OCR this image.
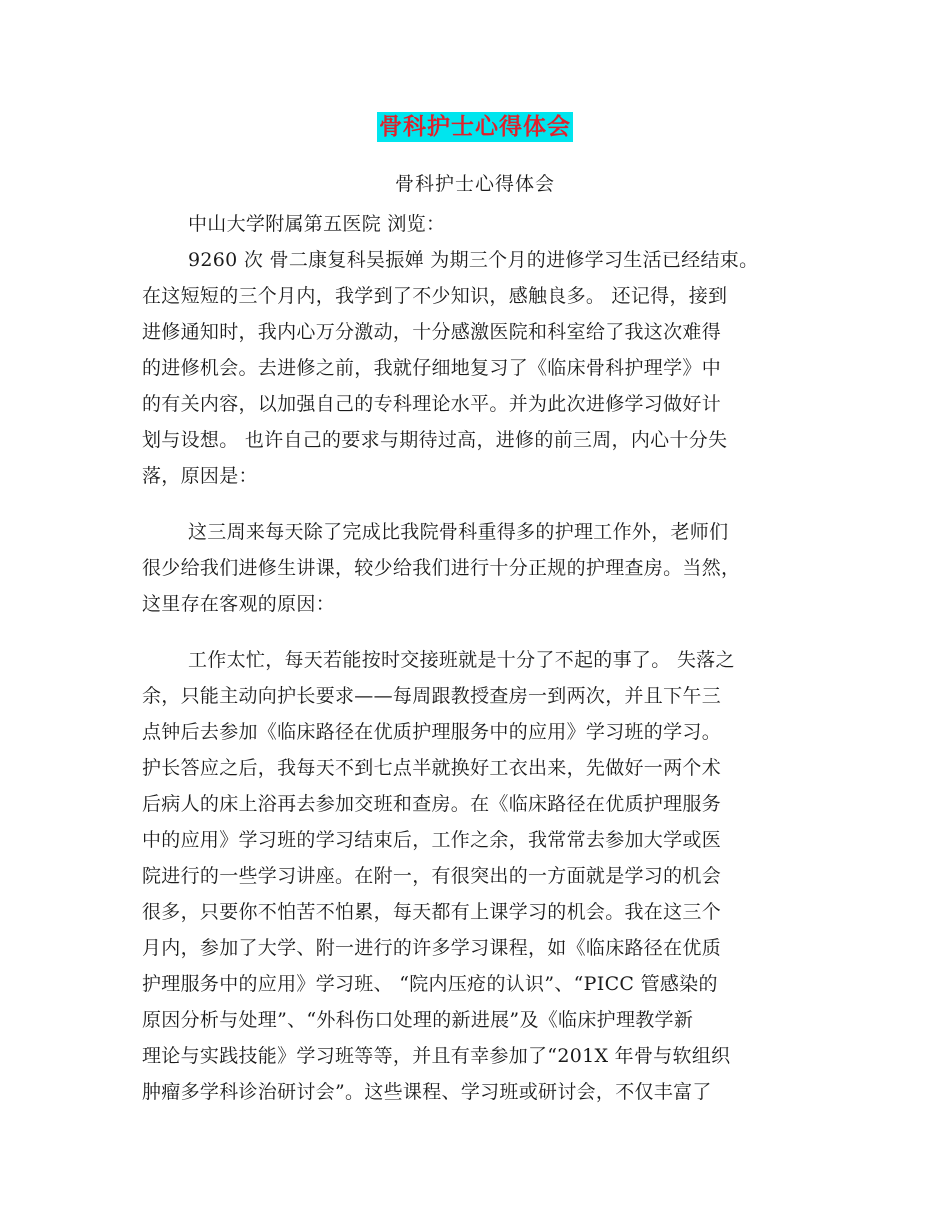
骨科护士心得体会
骨科护士心得体会
中山大学附属第五医院 浏览：
9260 次 骨二康复科吴振婵 为期三个月的进修学习生活已经结束。
在这短短的三个月内，我学到了不少知识，感触良多。 还记得，接到
进修通知时，我内心万分激动，十分感激医院和科室给了我这次难得
的进修机会。去进修之前，我就仔细地复习了《临床骨科护理学》中
的有关内容，以加强自己的专科理论水平。并为此次进修学习做好计
划与设想。 也许自己的要求与期待过高，进修的前三周，内心十分失
落，原因是：
这三周来每天除了完成比我院骨科重得多的护理工作外，老师们
很少给我们进修生讲课，较少给我们进行十分正规的护理查房。当然，
这里存在客观的原因：
工作太忙，每天若能按时交接班就是十分了不起的事了。 失落之
余，只能主动向护长要求——每周跟教授查房一到两次，并且下午三
点钟后去参加《临床路径在优质护理服务中的应用》学习班的学习。
护长答应之后，我每天不到七点半就换好工衣出来，先做好一两个术
后病人的床上浴再去参加交班和查房。在《临床路径在优质护理服务
中的应用》学习班的学习结束后，工作之余，我常常去参加大学或医
院进行的一些学习讲座。在附一，有很突出的一方面就是学习的机会
很多，只要你不怕苦不怕累，每天都有上课学习的机会。我在这三个
月内，参加了大学、附一进行的许多学习课程，如《临床路径在优质
护理服务中的应用》学习班、 “院内压疮的认识”、“PICC 管感染的
原因分析与处理”、“外科伤口处理的新进展”及《临床护理教学新
理论与实践技能》学习班等等，并且有幸参加了“201X 年骨与软组织
肿瘤多学科诊治研讨会”。这些课程、学习班或研讨会，不仅丰富了
